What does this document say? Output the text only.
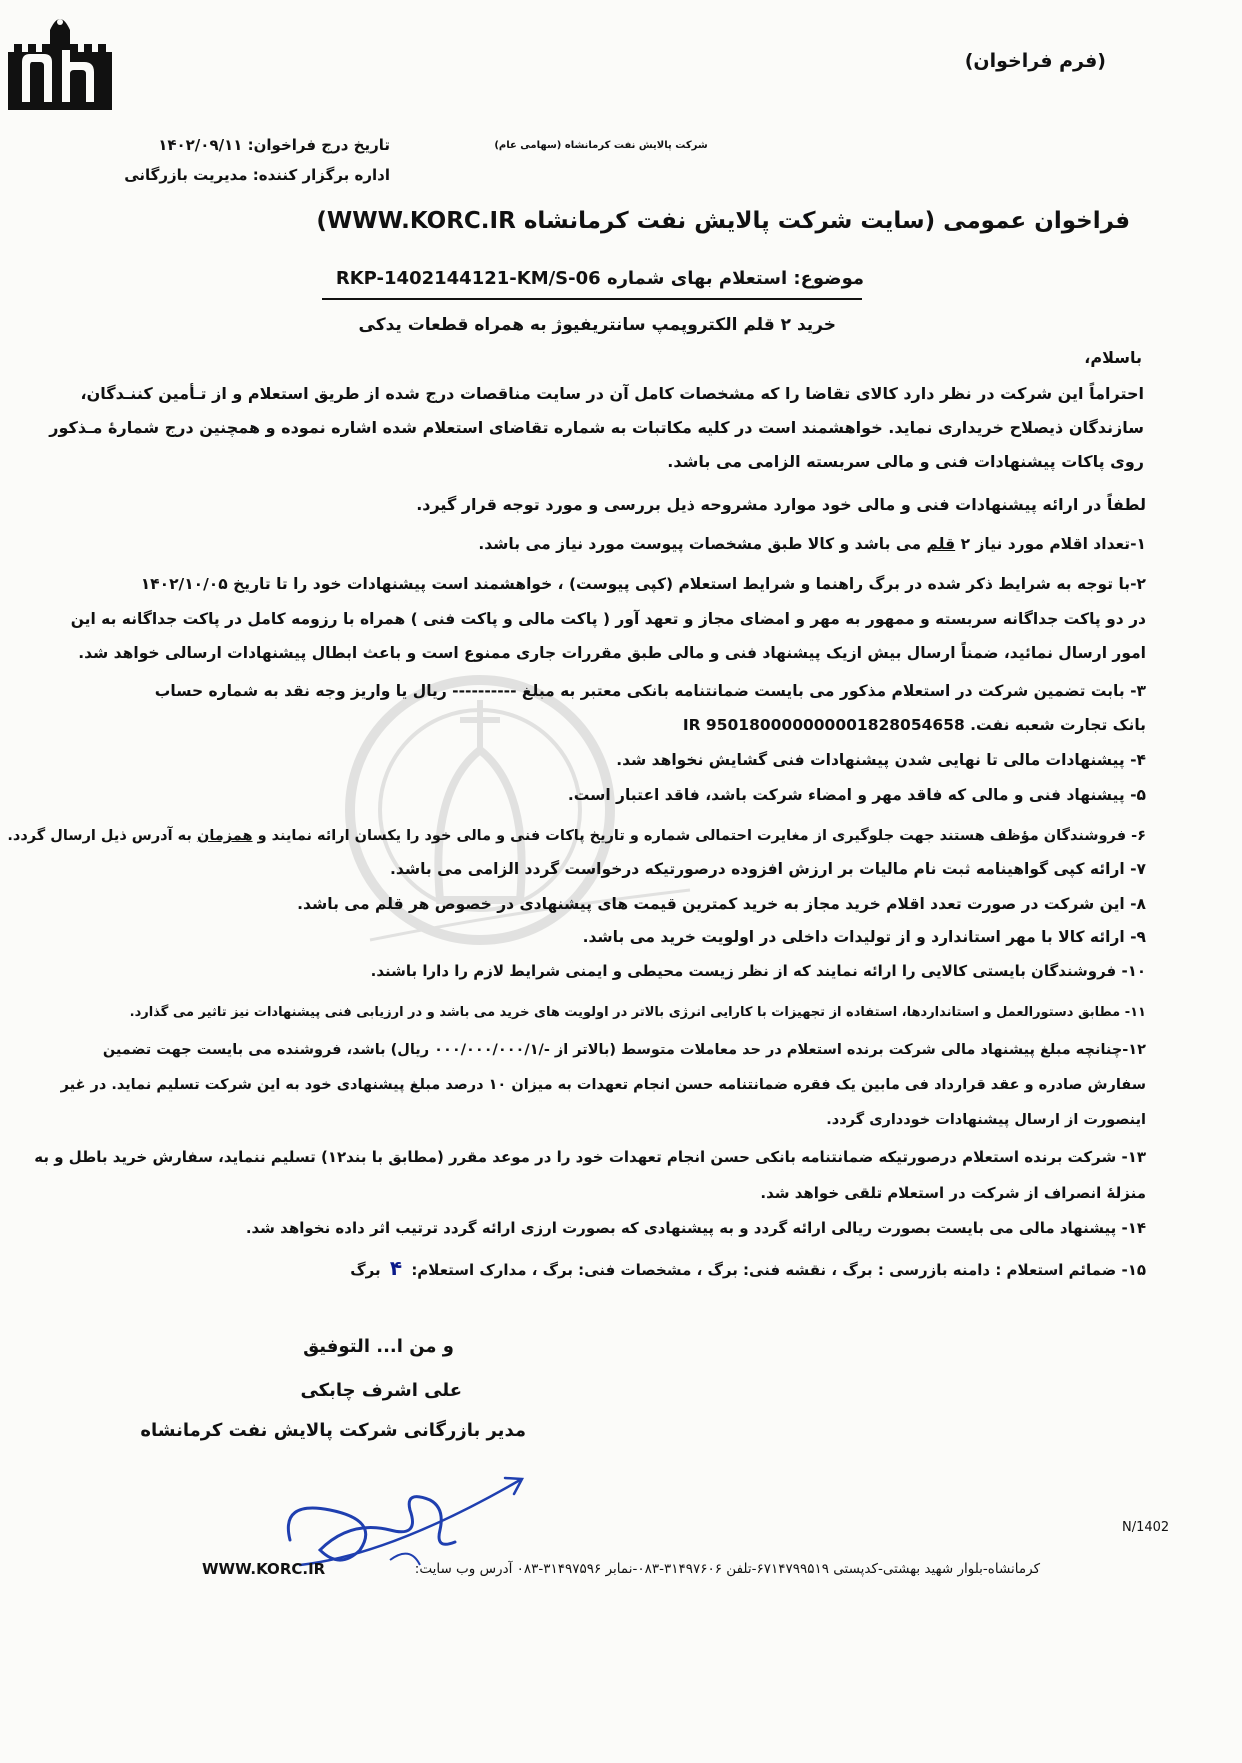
(فرم فراخوان)
شرکت پالایش نفت کرمانشاه (سهامی عام)
تاریخ درج فراخوان: ۱۴۰۲/۰۹/۱۱
اداره برگزار کننده: مدیریت بازرگانی
فراخوان عمومی (سایت شرکت پالایش نفت کرمانشاه WWW.KORC.IR)
موضوع: استعلام بهای شماره RKP-1402144121-KM/S-06
خرید ۲ قلم الکتروپمپ سانتریفیوژ به همراه قطعات یدکی
باسلام،
احتراماً این شرکت در نظر دارد کالای تقاضا را که مشخصات کامل آن در سایت مناقصات درج شده از طریق استعلام و از تـأمین کننـدگان،
سازندگان ذیصلاح خریداری نماید. خواهشمند است در کلیه مکاتبات به شماره تقاضای استعلام شده اشاره نموده و همچنین درج شمارهٔ مـذکور
روی پاکات پیشنهادات فنی و مالی سربسته الزامی می باشد.
لطفاً در ارائه پیشنهادات فنی و مالی خود موارد مشروحه ذیل بررسی و مورد توجه قرار گیرد.
۱-تعداد اقلام مورد نیاز ۲ قلم می باشد و کالا طبق مشخصات پیوست مورد نیاز می باشد.
۲-با توجه به شرایط ذکر شده در برگ راهنما و شرایط استعلام (کپی پیوست) ، خواهشمند است پیشنهادات خود را تا تاریخ ۱۴۰۲/۱۰/۰۵
در دو پاکت جداگانه سربسته و ممهور به مهر و امضای مجاز و تعهد آور ( پاکت مالی و پاکت فنی ) همراه با رزومه کامل در پاکت جداگانه به این
امور ارسال نمائید، ضمناً ارسال بیش ازیک پیشنهاد فنی و مالی طبق مقررات جاری ممنوع است و باعث ابطال پیشنهادات ارسالی خواهد شد.
۳- بابت تضمین شرکت در استعلام مذکور می بایست ضمانتنامه بانکی معتبر به مبلغ ---------- ریال یا واریز وجه نقد به شماره حساب
بانک تجارت شعبه نفت. IR 950180000000001828054658
۴- پیشنهادات مالی تا نهایی شدن پیشنهادات فنی گشایش نخواهد شد.
۵- پیشنهاد فنی و مالی که فاقد مهر و امضاء شرکت باشد، فاقد اعتبار است.
۶- فروشندگان مؤظف هستند جهت جلوگیری از مغایرت احتمالی شماره و تاریخ پاکات فنی و مالی خود را یکسان ارائه نمایند و همزمان به آدرس ذیل ارسال گردد.
۷- ارائه کپی گواهینامه ثبت نام مالیات بر ارزش افزوده درصورتیکه درخواست گردد الزامی می باشد.
۸- این شرکت در صورت تعدد اقلام خرید مجاز به خرید کمترین قیمت های پیشنهادی در خصوص هر قلم می باشد.
۹- ارائه کالا با مهر استاندارد و از تولیدات داخلی در اولویت خرید می باشد.
۱۰- فروشندگان بایستی کالایی را ارائه نمایند که از نظر زیست محیطی و ایمنی شرایط لازم را دارا باشند.
۱۱- مطابق دستورالعمل و استانداردها، استفاده از تجهیزات با کارایی انرژی بالاتر در اولویت های خرید می باشد و در ارزیابی فنی پیشنهادات نیز تاثیر می گذارد.
۱۲-چنانچه مبلغ پیشنهاد مالی شرکت برنده استعلام در حد معاملات متوسط (بالاتر از -/۰۰۰/۰۰۰/۰۰۰/۱ ریال) باشد، فروشنده می بایست جهت تضمین
سفارش صادره و عقد قرارداد فی مابین یک فقره ضمانتنامه حسن انجام تعهدات به میزان ۱۰ درصد مبلغ پیشنهادی خود به این شرکت تسلیم نماید. در غیر
اینصورت از ارسال پیشنهادات خودداری گردد.
۱۳- شرکت برنده استعلام درصورتیکه ضمانتنامه بانکی حسن انجام تعهدات خود را در موعد مقرر (مطابق با بند۱۲) تسلیم ننماید، سفارش خرید باطل و به
منزلهٔ انصراف از شرکت در استعلام تلقی خواهد شد.
۱۴- پیشنهاد مالی می بایست بصورت ریالی ارائه گردد و به پیشنهادی که بصورت ارزی ارائه گردد ترتیب اثر داده نخواهد شد.
۱۵- ضمائم استعلام : دامنه بازرسی : برگ ، نقشه فنی: برگ ، مشخصات فنی: برگ ، مدارک استعلام: ۴ برگ
و من ا... التوفیق
علی اشرف چابکی
مدیر بازرگانی شرکت پالایش نفت کرمانشاه
N/1402
کرمانشاه-بلوار شهید بهشتی-کدپستی ۶۷۱۴۷۹۹۵۱۹-تلفن ۳۱۴۹۷۶۰۶-۰۸۳-نمابر ۳۱۴۹۷۵۹۶-۰۸۳ آدرس وب سایت:
WWW.KORC.IR
